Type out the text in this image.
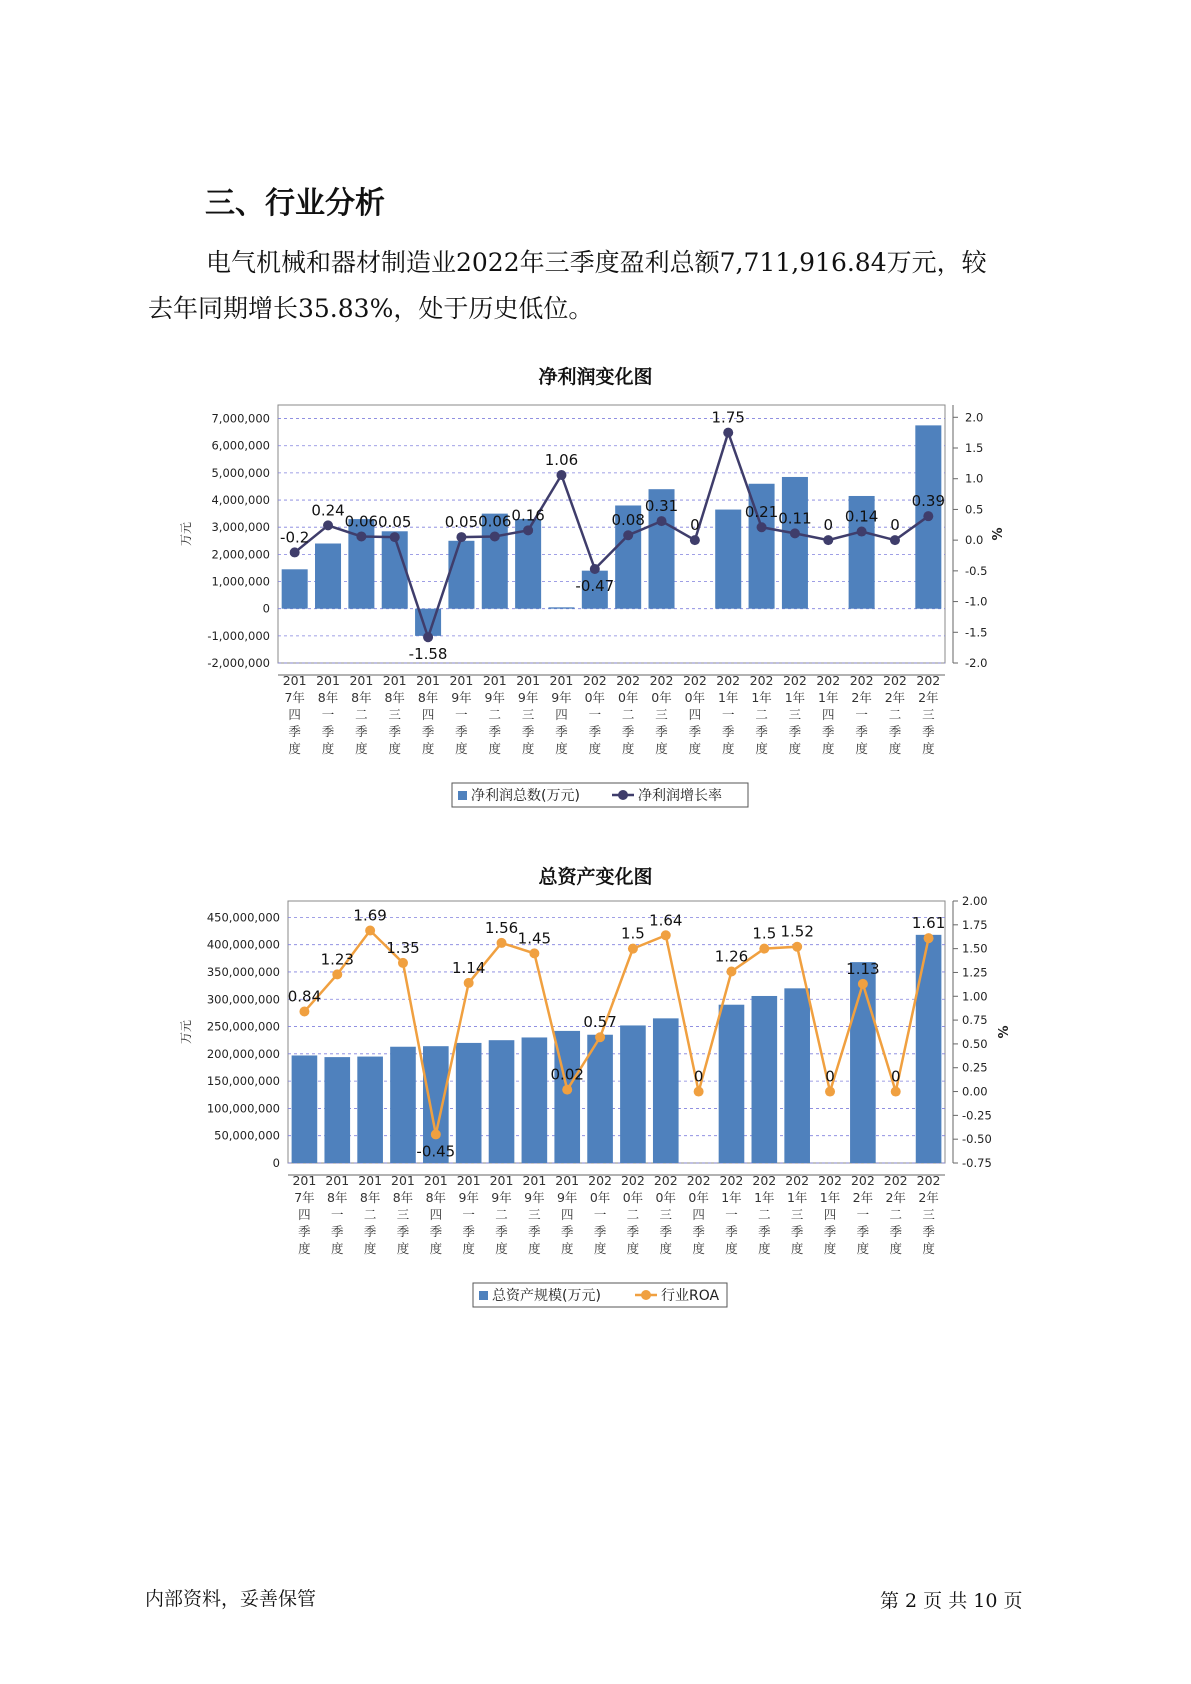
三、行业分析

电气机械和器材制造业2022年三季度盈利总额7,711,916.84万元，较
去年同期增长35.83%，处于历史低位。

净利润变化图
-2,000,000
-1,000,000
0
1,000,000
2,000,000
3,000,000
4,000,000
5,000,000
6,000,000
7,000,000
-2.0
-1.5
-1.0
-0.5
0.0
0.5
1.0
1.5
2.0
万元	%
201
7年
四
季
度
201
8年
一
季
度
201
8年
二
季
度
201
8年
三
季
度
201
8年
四
季
度
201
9年
一
季
度
201
9年
二
季
度
201
9年
三
季
度
201
9年
四
季
度
202
0年
一
季
度
202
0年
二
季
度
202
0年
三
季
度
202
0年
四
季
度
202
1年
一
季
度
202
1年
二
季
度
202
1年
三
季
度
202
1年
四
季
度
202
2年
一
季
度
202
2年
二
季
度
202
2年
三
季
度
-0.2
0.24
0.06 0.05
-1.58
0.05 0.06 0.16
1.06
-0.47
0.08
0.31
0
1.75
0.21 0.11 0 0.14 0
0.39
净利润总数(万元)	净利润增长率
总资产变化图
0
50,000,000
100,000,000
150,000,000
200,000,000
250,000,000
300,000,000
350,000,000
400,000,000
450,000,000
-0.75
-0.50
-0.25
0.00
0.25
0.50
0.75
1.00
1.25
1.50
1.75
2.00
万元	%
201
7年
四
季
度
201
8年
一
季
度
201
8年
二
季
度
201
8年
三
季
度
201
8年
四
季
度
201
9年
一
季
度
201
9年
二
季
度
201
9年
三
季
度
201
9年
四
季
度
202
0年
一
季
度
202
0年
二
季
度
202
0年
三
季
度
202
0年
四
季
度
202
1年
一
季
度
202
1年
二
季
度
202
1年
三
季
度
202
1年
四
季
度
202
2年
一
季
度
202
2年
二
季
度
202
2年
三
季
度
0.84
1.23
1.69
1.35
-0.45
1.14
1.56
1.45
0.02
0.57
1.5
1.64
0
1.26
1.5 1.52
0
1.13
0
1.61
总资产规模(万元)	行业ROA
内部资料，妥善保管	第 2 页 共 10 页
